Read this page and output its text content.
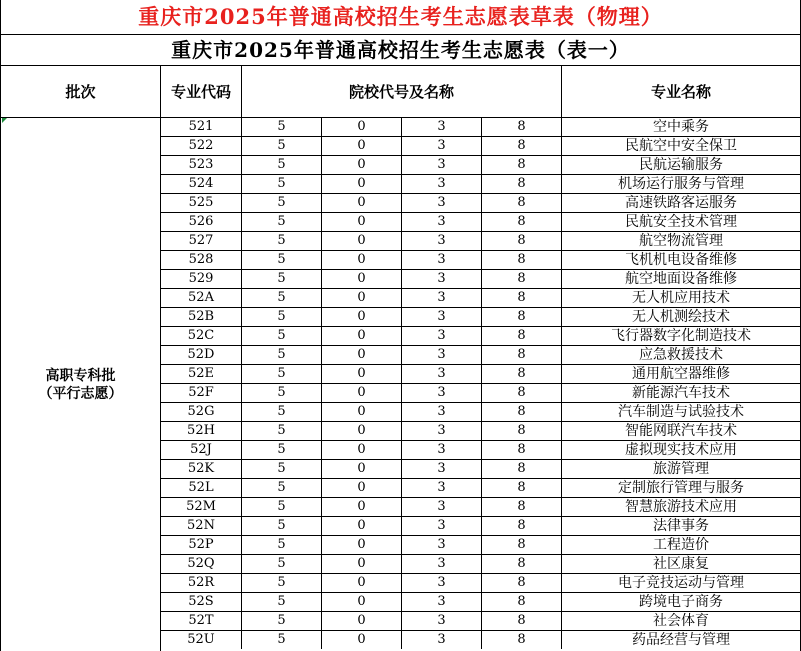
重庆市2025年普通高校招生考生志愿表草表（物理）
重庆市2025年普通高校招生考生志愿表（表一）
批次	专业代码	院校代号及名称	专业名称
高职专科批
（平行志愿）
521	5	0	3	8	空中乘务
522	5	0	3	8	民航空中安全保卫
523	5	0	3	8	民航运输服务
524	5	0	3	8	机场运行服务与管理
525	5	0	3	8	高速铁路客运服务
526	5	0	3	8	民航安全技术管理
527	5	0	3	8	航空物流管理
528	5	0	3	8	飞机机电设备维修
529	5	0	3	8	航空地面设备维修
52A	5	0	3	8	无人机应用技术
52B	5	0	3	8	无人机测绘技术
52C	5	0	3	8	飞行器数字化制造技术
52D	5	0	3	8	应急救援技术
52E	5	0	3	8	通用航空器维修
52F	5	0	3	8	新能源汽车技术
52G	5	0	3	8	汽车制造与试验技术
52H	5	0	3	8	智能网联汽车技术
52J	5	0	3	8	虚拟现实技术应用
52K	5	0	3	8	旅游管理
52L	5	0	3	8	定制旅行管理与服务
52M	5	0	3	8	智慧旅游技术应用
52N	5	0	3	8	法律事务
52P	5	0	3	8	工程造价
52Q	5	0	3	8	社区康复
52R	5	0	3	8	电子竞技运动与管理
52S	5	0	3	8	跨境电子商务
52T	5	0	3	8	社会体育
52U	5	0	3	8	药品经营与管理
